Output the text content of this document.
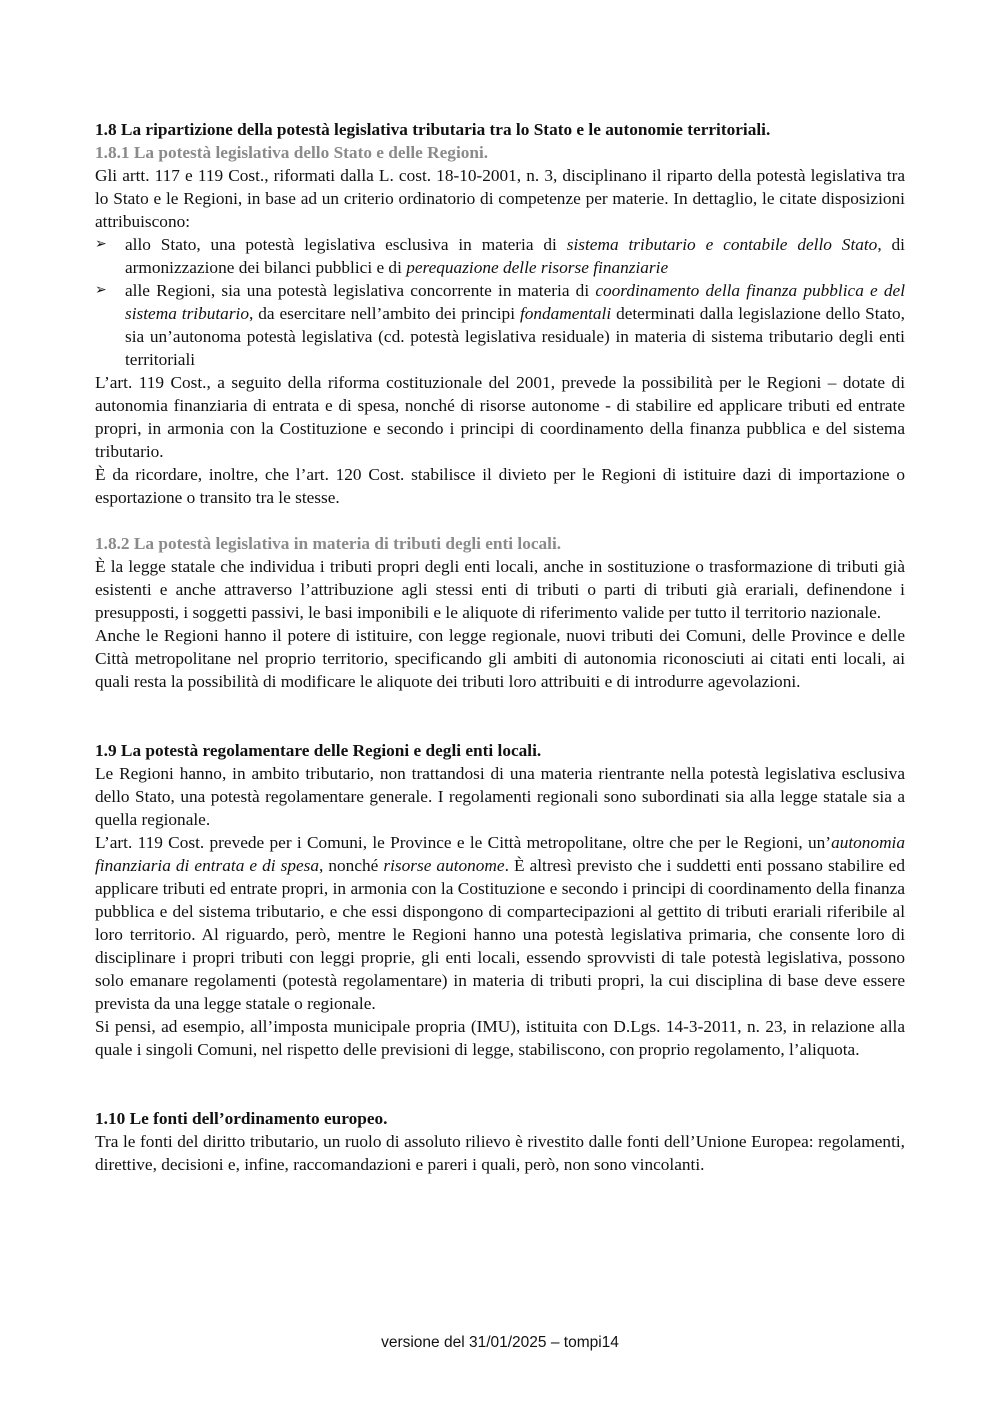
1.8 La ripartizione della potestà legislativa tributaria tra lo Stato e le autonomie territoriali.
1.8.1 La potestà legislativa dello Stato e delle Regioni.

Gli artt. 117 e 119 Cost., riformati dalla L. cost. 18-10-2001, n. 3, disciplinano il riparto della potestà legislativa tra lo Stato e le Regioni, in base ad un criterio ordinatorio di competenze per materie. In dettaglio, le citate disposizioni attribuiscono:

➢ allo Stato, una potestà legislativa esclusiva in materia di sistema tributario e contabile dello Stato, di armonizzazione dei bilanci pubblici e di perequazione delle risorse finanziarie
➢ alle Regioni, sia una potestà legislativa concorrente in materia di coordinamento della finanza pubblica e del sistema tributario, da esercitare nell’ambito dei principi fondamentali determinati dalla legislazione dello Stato, sia un’autonoma potestà legislativa (cd. potestà legislativa residuale) in materia di sistema tributario degli enti territoriali

L’art. 119 Cost., a seguito della riforma costituzionale del 2001, prevede la possibilità per le Regioni – dotate di autonomia finanziaria di entrata e di spesa, nonché di risorse autonome - di stabilire ed applicare tributi ed entrate propri, in armonia con la Costituzione e secondo i principi di coordinamento della finanza pubblica e del sistema tributario.

È da ricordare, inoltre, che l’art. 120 Cost. stabilisce il divieto per le Regioni di istituire dazi di importazione o esportazione o transito tra le stesse.

1.8.2 La potestà legislativa in materia di tributi degli enti locali.

È la legge statale che individua i tributi propri degli enti locali, anche in sostituzione o trasformazione di tributi già esistenti e anche attraverso l’attribuzione agli stessi enti di tributi o parti di tributi già erariali, definendone i presupposti, i soggetti passivi, le basi imponibili e le aliquote di riferimento valide per tutto il territorio nazionale.

Anche le Regioni hanno il potere di istituire, con legge regionale, nuovi tributi dei Comuni, delle Province e delle Città metropolitane nel proprio territorio, specificando gli ambiti di autonomia riconosciuti ai citati enti locali, ai quali resta la possibilità di modificare le aliquote dei tributi loro attribuiti e di introdurre agevolazioni.

1.9 La potestà regolamentare delle Regioni e degli enti locali.

Le Regioni hanno, in ambito tributario, non trattandosi di una materia rientrante nella potestà legislativa esclusiva dello Stato, una potestà regolamentare generale. I regolamenti regionali sono subordinati sia alla legge statale sia a quella regionale.

L’art. 119 Cost. prevede per i Comuni, le Province e le Città metropolitane, oltre che per le Regioni, un’autonomia finanziaria di entrata e di spesa, nonché risorse autonome. È altresì previsto che i suddetti enti possano stabilire ed applicare tributi ed entrate propri, in armonia con la Costituzione e secondo i principi di coordinamento della finanza pubblica e del sistema tributario, e che essi dispongono di compartecipazioni al gettito di tributi erariali riferibile al loro territorio. Al riguardo, però, mentre le Regioni hanno una potestà legislativa primaria, che consente loro di disciplinare i propri tributi con leggi proprie, gli enti locali, essendo sprovvisti di tale potestà legislativa, possono solo emanare regolamenti (potestà regolamentare) in materia di tributi propri, la cui disciplina di base deve essere prevista da una legge statale o regionale.

Si pensi, ad esempio, all’imposta municipale propria (IMU), istituita con D.Lgs. 14-3-2011, n. 23, in relazione alla quale i singoli Comuni, nel rispetto delle previsioni di legge, stabiliscono, con proprio regolamento, l’aliquota.

1.10 Le fonti dell’ordinamento europeo.

Tra le fonti del diritto tributario, un ruolo di assoluto rilievo è rivestito dalle fonti dell’Unione Europea: regolamenti, direttive, decisioni e, infine, raccomandazioni e pareri i quali, però, non sono vincolanti.

versione del 31/01/2025 – tompi14
